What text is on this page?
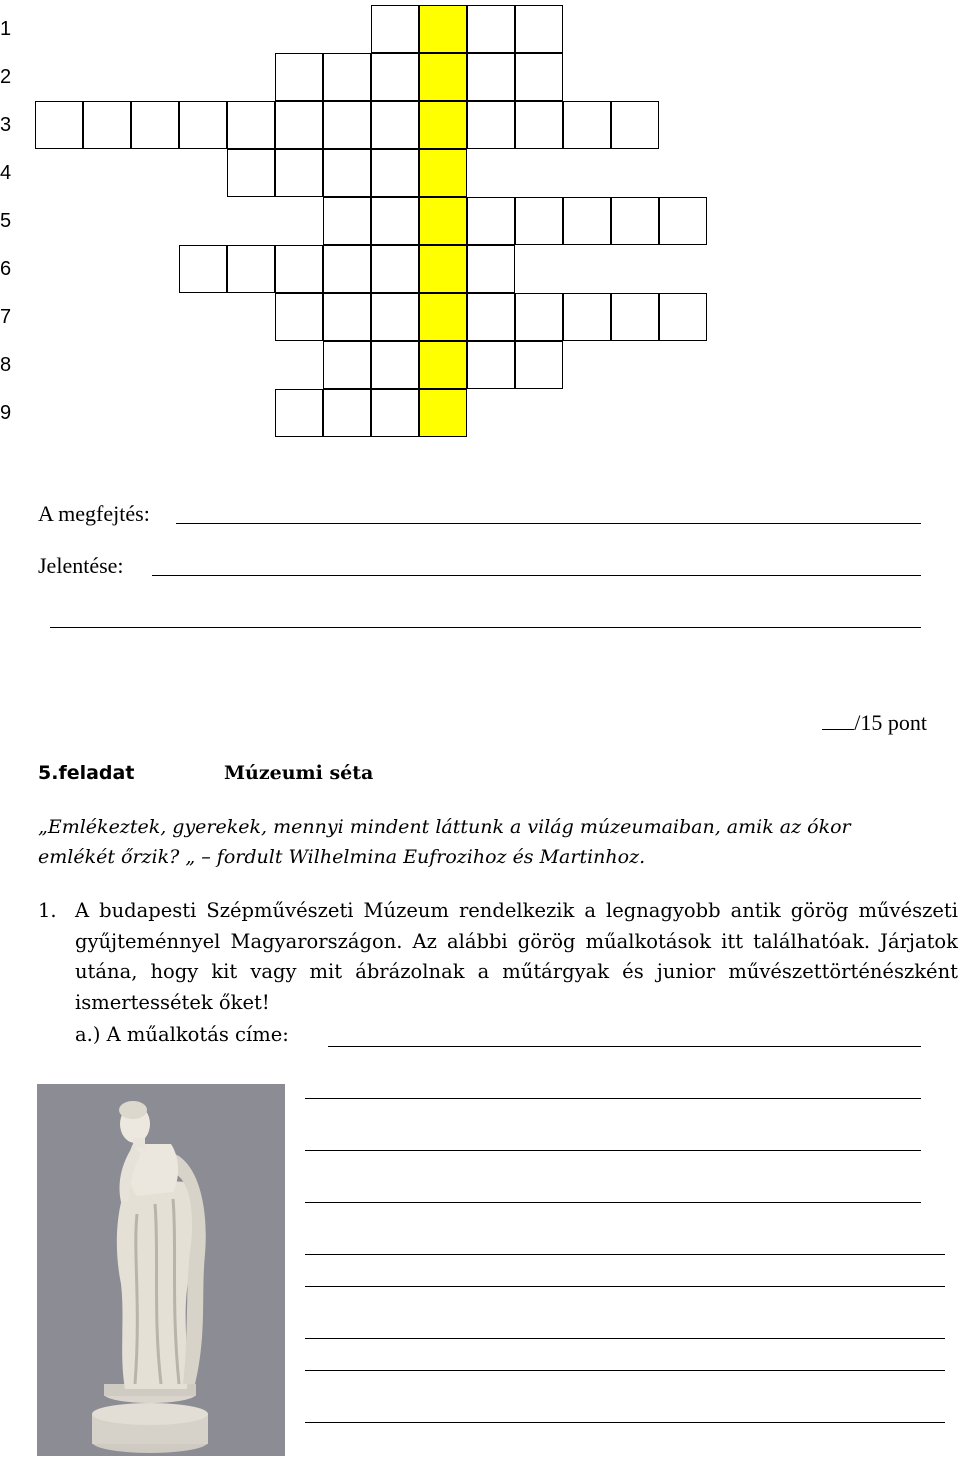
1
2
3
4
5
6
7
8
9
A megfejtés:
Jelentése:
/15 pont
5.feladat	Múzeumi séta
„Emlékeztek, gyerekek, mennyi mindent láttunk a világ múzeumaiban, amik az ókor emlékét őrzik? „ – fordult Wilhelmina Eufrozihoz és Martinhoz.
1. A budapesti Szépművészeti Múzeum rendelkezik a legnagyobb antik görög művészeti gyűjteménnyel Magyarországon. Az alábbi görög műalkotások itt találhatóak. Járjatok utána, hogy kit vagy mit ábrázolnak a műtárgyak és junior művészettörténészként ismertessétek őket!
a.) A műalkotás címe:
